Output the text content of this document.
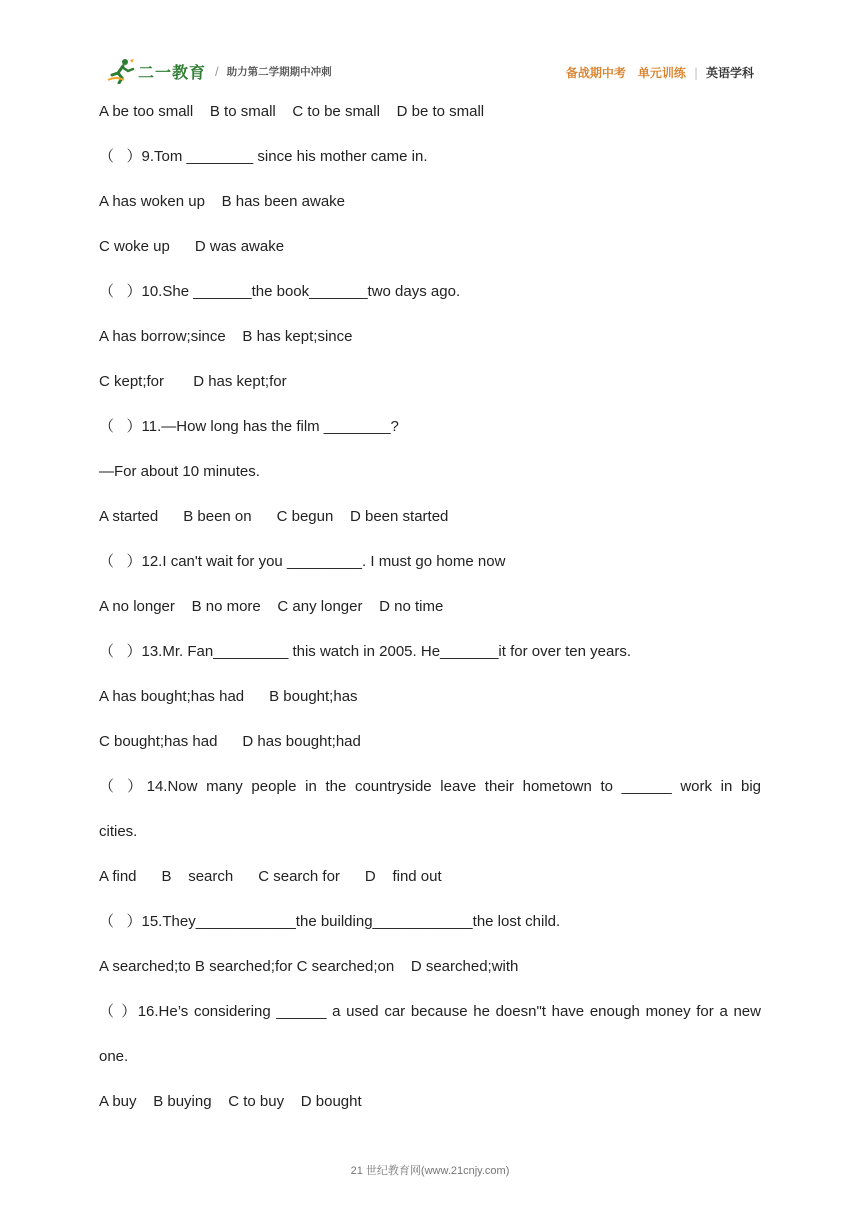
二一教育 / 助力第二学期期中冲刺	备战期中考 单元训练 | 英语学科
A be too small    B to small    C to be small    D be to small
（   ）9.Tom ________ since his mother came in.
A has woken up    B has been awake
C woke up      D was awake
（   ）10.She _______the book_______two days ago.
A has borrow;since    B has kept;since
C kept;for       D has kept;for
（   ）11.—How long has the film ________?
—For about 10 minutes.
A started      B been on      C begun    D been started
（   ）12.I can't wait for you _________. I must go home now
A no longer    B no more    C any longer    D no time
（   ）13.Mr. Fan_________ this watch in 2005. He_______it for over ten years.
A has bought;has had      B bought;has
C bought;has had      D has bought;had
（ ）14.Now many people in the countryside leave their hometown to ______ work in big
cities.
A find      B    search      C search for      D    find out
（   ）15.They____________the building____________the lost child.
A searched;to B searched;for C searched;on    D searched;with
（ ）16.He’s considering ______ a used car because he doesn"t have enough money for a new
one.
A buy    B buying    C to buy    D bought
21 世纪教育网(www.21cnjy.com)
